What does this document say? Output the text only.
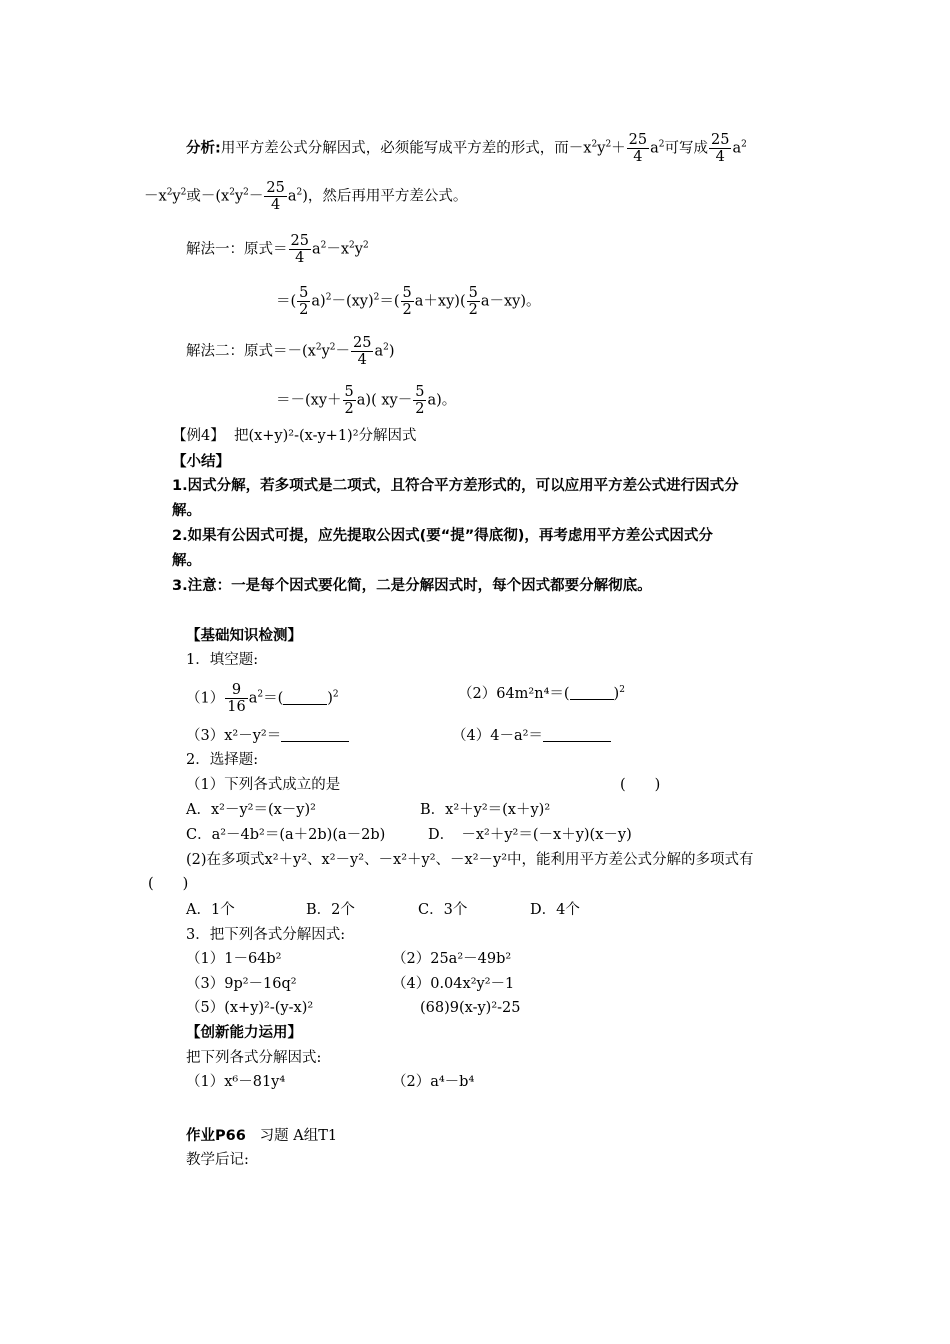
分析:用平方差公式分解因式，必须能写成平方差的形式，而$-x^2y^2+ \frac{25}{4} a^2$可写成 $\frac{25}{4} a^2$
$-x^2y^2$或$-(x^2y^2- \frac{25}{4} a^2)$，然后再用平方差公式。
解法一：原式＝ $\frac{25}{4} a^2-x^2y^2$
＝( $\frac{5}{2} a)^2-(xy)^2=( \frac{5}{2} a+xy)( \frac{5}{2} a-xy)$。
解法二：原式$=-(x^2y^2- \frac{25}{4} a^2)$
$=-(xy+ \frac{5}{2} a)$( $xy- \frac{5}{2} a$)。
【例4】 把(x+y)²-(x-y+1)²分解因式
【小结】
1.因式分解，若多项式是二项式，且符合平方差形式的，可以应用平方差公式进行因式分
解。
2.如果有公因式可提，应先提取公因式(要“提”得底彻)，再考虑用平方差公式因式分
解。
3.注意：一是每个因式要化简，二是分解因式时，每个因式都要分解彻底。
【基础知识检测】
1．填空题:
$(1) \frac{9}{16} a^2=$(	)$^2$	（2）64m²n⁴＝(	)$^2$
（3）x²－y²＝	（4）4－a²＝
2．选择题:
（1）下列各式成立的是	(　　)
A．x²－y²＝(x－y)²	B．x²＋y²＝(x＋y)²
C．a²－4b²＝(a＋2b)(a－2b)	D．　－x²＋y²＝(－x＋y)(x－y)
(2)在多项式x²＋y²、x²－y²、－x²＋y²、－x²－y²中，能利用平方差公式分解的多项式有
(　　)
A．1个	B．2个	C．3个	D．4个
3．把下列各式分解因式:
（1）1－64b²	（2）25a²－49b²
（3）9p²－16q²	（4）0.04x²y²－1
（5）(x+y)²-(y-x)²	(68)9(x-y)²-25
【创新能力运用】
把下列各式分解因式:
（1）x⁶－81y⁴	（2）a⁴－b⁴
作业P66 习题 A组T1
教学后记:
